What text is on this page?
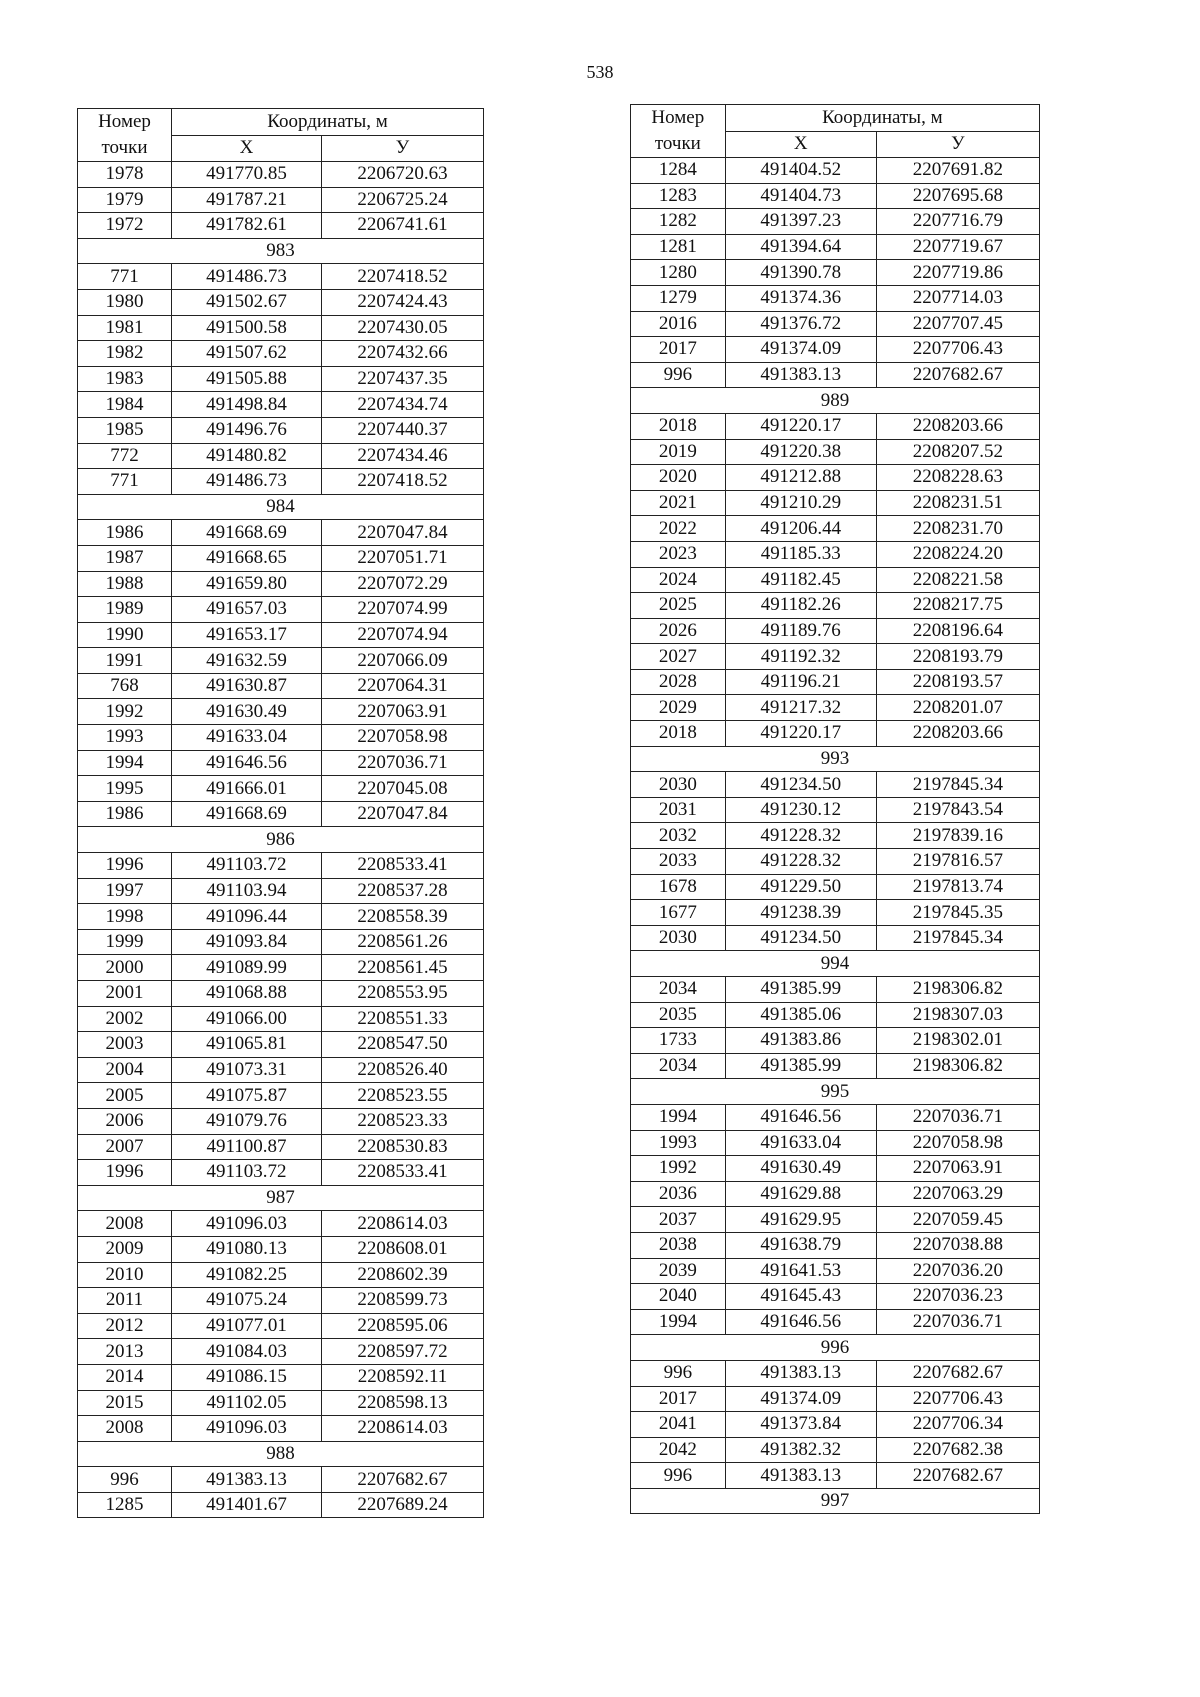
538
Номер	Координаты, м	
точки	X	У
1978	491770.85	2206720.63
1979	491787.21	2206725.24
1972	491782.61	2206741.61
983		
771	491486.73	2207418.52
1980	491502.67	2207424.43
1981	491500.58	2207430.05
1982	491507.62	2207432.66
1983	491505.88	2207437.35
1984	491498.84	2207434.74
1985	491496.76	2207440.37
772	491480.82	2207434.46
771	491486.73	2207418.52
984		
1986	491668.69	2207047.84
1987	491668.65	2207051.71
1988	491659.80	2207072.29
1989	491657.03	2207074.99
1990	491653.17	2207074.94
1991	491632.59	2207066.09
768	491630.87	2207064.31
1992	491630.49	2207063.91
1993	491633.04	2207058.98
1994	491646.56	2207036.71
1995	491666.01	2207045.08
1986	491668.69	2207047.84
986		
1996	491103.72	2208533.41
1997	491103.94	2208537.28
1998	491096.44	2208558.39
1999	491093.84	2208561.26
2000	491089.99	2208561.45
2001	491068.88	2208553.95
2002	491066.00	2208551.33
2003	491065.81	2208547.50
2004	491073.31	2208526.40
2005	491075.87	2208523.55
2006	491079.76	2208523.33
2007	491100.87	2208530.83
1996	491103.72	2208533.41
987		
2008	491096.03	2208614.03
2009	491080.13	2208608.01
2010	491082.25	2208602.39
2011	491075.24	2208599.73
2012	491077.01	2208595.06
2013	491084.03	2208597.72
2014	491086.15	2208592.11
2015	491102.05	2208598.13
2008	491096.03	2208614.03
988		
996	491383.13	2207682.67
1285	491401.67	2207689.24
Номер	Координаты, м	
точки	X	У
1284	491404.52	2207691.82
1283	491404.73	2207695.68
1282	491397.23	2207716.79
1281	491394.64	2207719.67
1280	491390.78	2207719.86
1279	491374.36	2207714.03
2016	491376.72	2207707.45
2017	491374.09	2207706.43
996	491383.13	2207682.67
989		
2018	491220.17	2208203.66
2019	491220.38	2208207.52
2020	491212.88	2208228.63
2021	491210.29	2208231.51
2022	491206.44	2208231.70
2023	491185.33	2208224.20
2024	491182.45	2208221.58
2025	491182.26	2208217.75
2026	491189.76	2208196.64
2027	491192.32	2208193.79
2028	491196.21	2208193.57
2029	491217.32	2208201.07
2018	491220.17	2208203.66
993		
2030	491234.50	2197845.34
2031	491230.12	2197843.54
2032	491228.32	2197839.16
2033	491228.32	2197816.57
1678	491229.50	2197813.74
1677	491238.39	2197845.35
2030	491234.50	2197845.34
994		
2034	491385.99	2198306.82
2035	491385.06	2198307.03
1733	491383.86	2198302.01
2034	491385.99	2198306.82
995		
1994	491646.56	2207036.71
1993	491633.04	2207058.98
1992	491630.49	2207063.91
2036	491629.88	2207063.29
2037	491629.95	2207059.45
2038	491638.79	2207038.88
2039	491641.53	2207036.20
2040	491645.43	2207036.23
1994	491646.56	2207036.71
996		
996	491383.13	2207682.67
2017	491374.09	2207706.43
2041	491373.84	2207706.34
2042	491382.32	2207682.38
996	491383.13	2207682.67
997		
